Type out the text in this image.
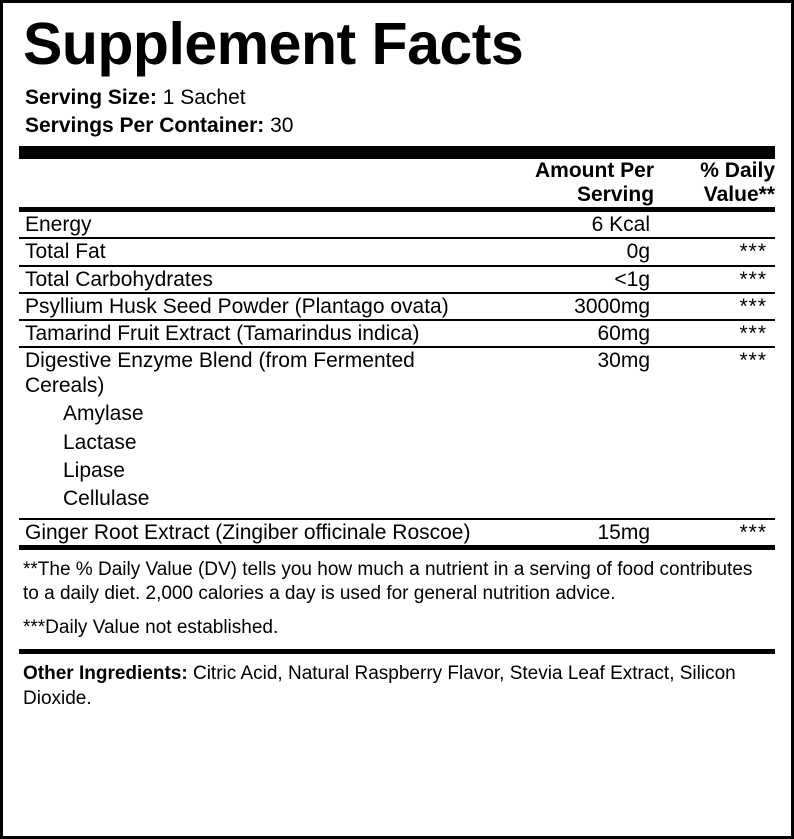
Supplement Facts
Serving Size: 1 Sachet
Servings Per Container: 30

Amount Per
Serving

% Daily
Value**
Energy	6 Kcal	

Total Fat	0g	***

Total Carbohydrates	<1g	***

Psyllium Husk Seed Powder (Plantago ovata)	3000mg	***

Tamarind Fruit Extract (Tamarindus indica)	60mg	***

Digestive Enzyme Blend (from Fermented Cereals)	30mg	***

Amylase
Lactase
Lipase
Cellulase		

Ginger Root Extract (Zingiber officinale Roscoe)	15mg	***
**The % Daily Value (DV) tells you how much a nutrient in a serving of food contributes to a daily diet. 2,000 calories a day is used for general nutrition advice.
***Daily Value not established.
Other Ingredients: Citric Acid, Natural Raspberry Flavor, Stevia Leaf Extract, Silicon Dioxide.
